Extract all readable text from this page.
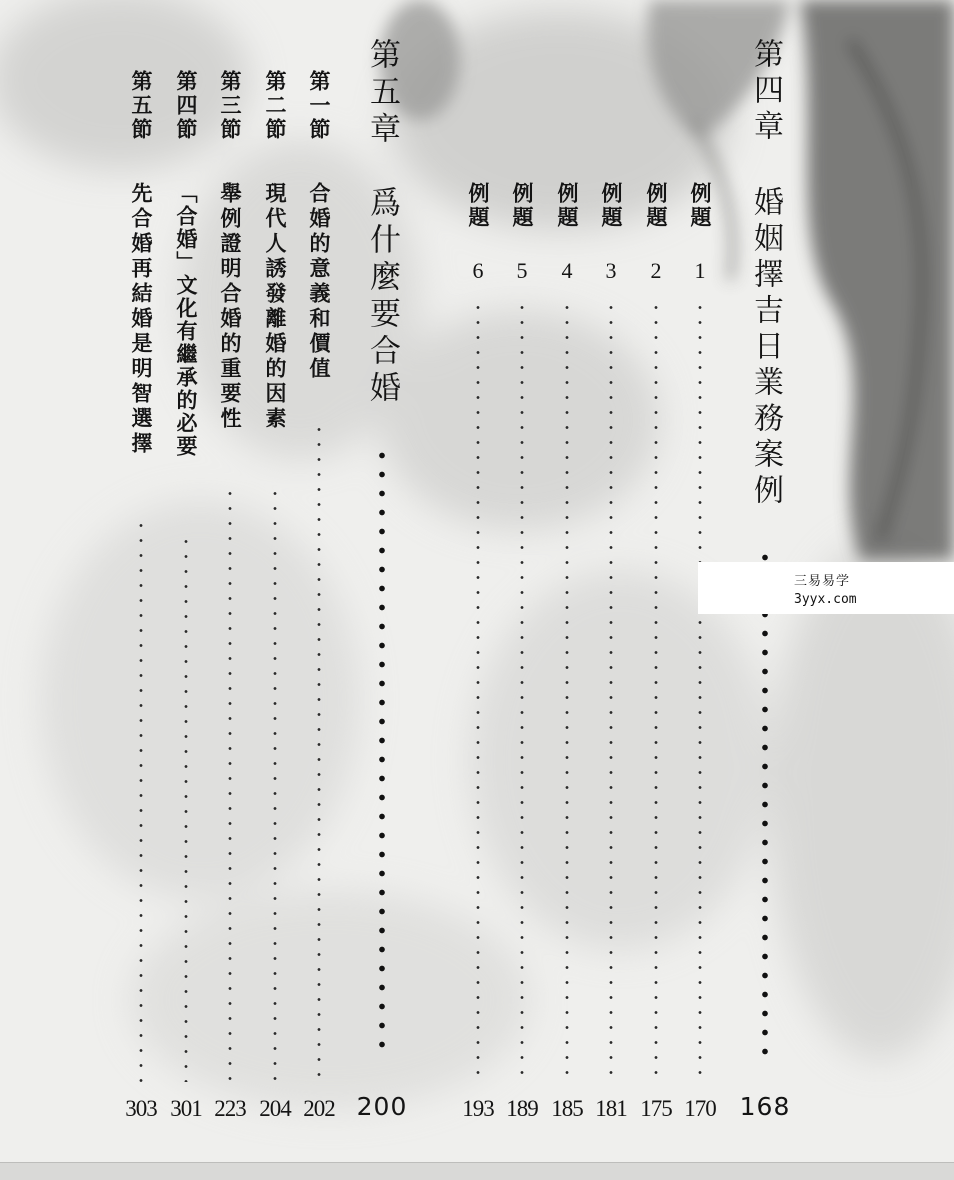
第四章
婚姻擇吉日業務案例
168
例題
1
170
例題
2
175
例題
3
181
例題
4
185
例題
5
189
例題
6
193
第五章
爲什麼要合婚
200
第一節
合婚的意義和價值
202
第二節
現代人誘發離婚的因素
204
第三節
舉例證明合婚的重要性
223
第四節
「合婚」文化有繼承的必要
301
第五節
先合婚再結婚是明智選擇
303
三易易学
3yyx.com
